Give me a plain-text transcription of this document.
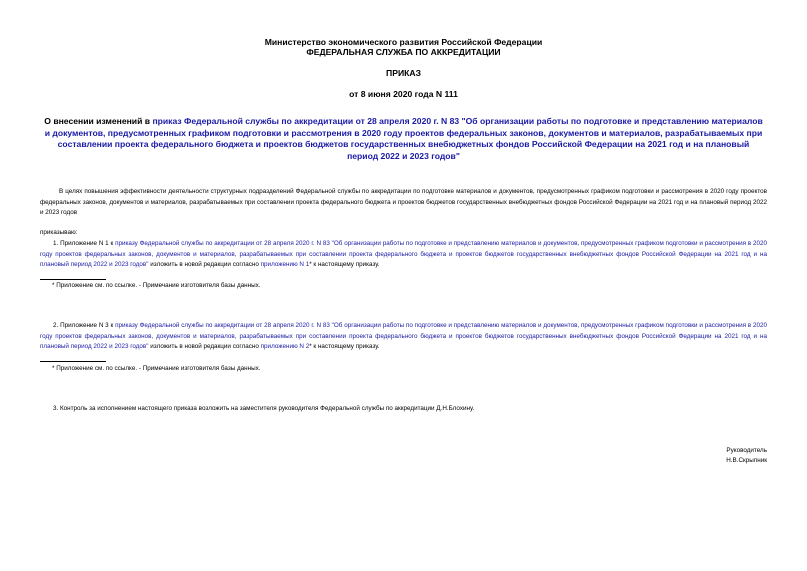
Министерство экономического развития Российской Федерации
ФЕДЕРАЛЬНАЯ СЛУЖБА ПО АККРЕДИТАЦИИ
ПРИКАЗ
от 8 июня 2020 года N 111
О внесении изменений в приказ Федеральной службы по аккредитации от 28 апреля 2020 г. N 83 "Об организации работы по подготовке и представлению материалов и документов, предусмотренных графиком подготовки и рассмотрения в 2020 году проектов федеральных законов, документов и материалов, разрабатываемых при составлении проекта федерального бюджета и проектов бюджетов государственных внебюджетных фондов Российской Федерации на 2021 год и на плановый период 2022 и 2023 годов"
В целях повышения эффективности деятельности структурных подразделений Федеральной службы по аккредитации по подготовке материалов и документов, предусмотренных графиком подготовки и рассмотрения в 2020 году проектов федеральных законов, документов и материалов, разрабатываемых при составлении проекта федерального бюджета и проектов бюджетов государственных внебюджетных фондов Российской Федерации на 2021 год и на плановый период 2022 и 2023 годов
приказываю:
1. Приложение N 1 к приказу Федеральной службы по аккредитации от 28 апреля 2020 г. N 83 "Об организации работы по подготовке и представлению материалов и документов, предусмотренных графиком подготовки и рассмотрения в 2020 году проектов федеральных законов, документов и материалов, разрабатываемых при составлении проекта федерального бюджета и проектов бюджетов государственных внебюджетных фондов Российской Федерации на 2021 год и на плановый период 2022 и 2023 годов" изложить в новой редакции согласно приложению N 1* к настоящему приказу.
* Приложение см. по ссылке. - Примечание изготовителя базы данных.
2. Приложение N 3 к приказу Федеральной службы по аккредитации от 28 апреля 2020 г. N 83 "Об организации работы по подготовке и представлению материалов и документов, предусмотренных графиком подготовки и рассмотрения в 2020 году проектов федеральных законов, документов и материалов, разрабатываемых при составлении проекта федерального бюджета и проектов бюджетов государственных внебюджетных фондов Российской Федерации на 2021 год и на плановый период 2022 и 2023 годов" изложить в новой редакции согласно приложению N 2* к настоящему приказу.
* Приложение см. по ссылке. - Примечание изготовителя базы данных.
3. Контроль за исполнением настоящего приказа возложить на заместителя руководителя Федеральной службы по аккредитации Д.Н.Блохину.
Руководитель
Н.В.Скрыпник
